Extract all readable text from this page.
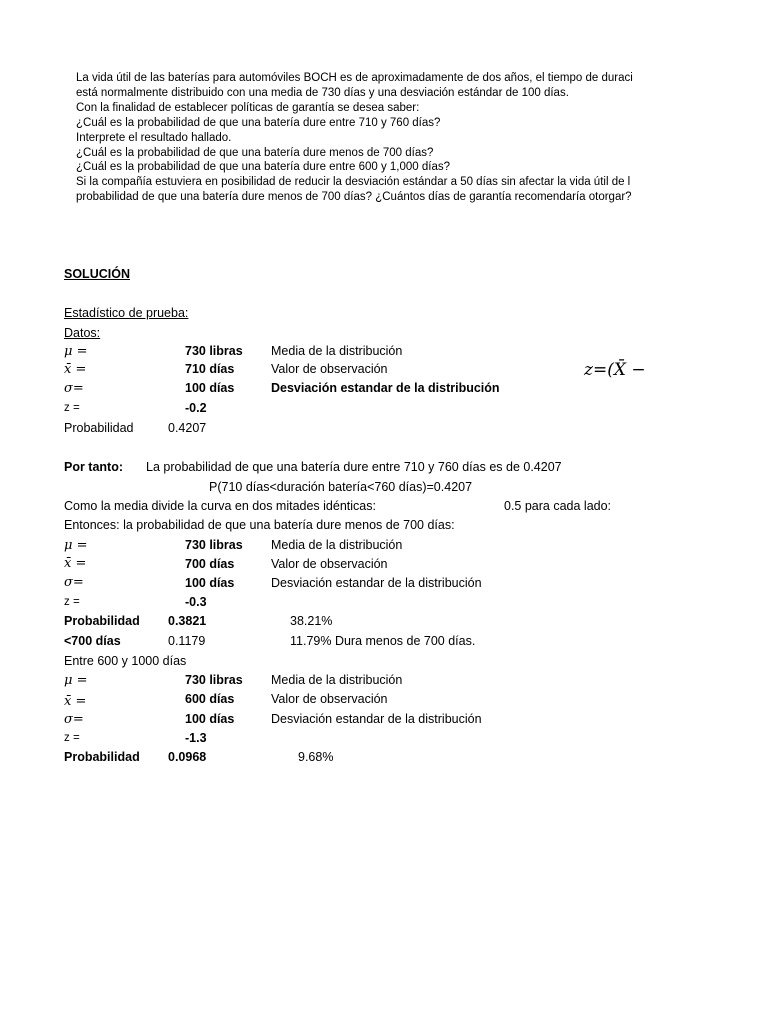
La vida útil de las baterías para automóviles BOCH es de aproximadamente de dos años, el tiempo de duraci
está normalmente distribuido con una media de 730 días y una desviación estándar de 100 días.
Con la finalidad de establecer políticas de garantía se desea saber:
¿Cuál es la probabilidad de que una batería dure entre 710 y 760 días?
Interprete el resultado hallado.
¿Cuál es la probabilidad de que una batería dure menos de 700 días?
¿Cuál es la probabilidad de que una batería dure entre 600 y 1,000 días?
Si la compañía estuviera en posibilidad de reducir la desviación estándar a 50 días sin afectar la vida útil de l
probabilidad de que una batería dure menos de 700 días? ¿Cuántos días de garantía recomendaría otorgar?
SOLUCIÓN
Estadístico de prueba:
Datos:
μ =	730 libras Media de la distribución
x̄ =	710 días	Valor de observación
σ=	100 días	Desviación estandar de la distribución
z =	-0.2
Probabilidad	0.4207
z=(X̄ −
Por tanto: La probabilidad de que una batería dure entre 710 y 760 días es de 0.4207
P(710 días<duración batería<760 días)=0.4207
Como la media divide la curva en dos mitades idénticas:	0.5 para cada lado:
Entonces: la probabilidad de que una batería dure menos de 700 días:
μ =	730 libras Media de la distribución
x̄ =	700 días	Valor de observación
σ=	100 días	Desviación estandar de la distribución
z =	-0.3
Probabilidad 0.3821	38.21%
<700 días	0.1179	11.79% Dura menos de 700 días.
Entre 600 y 1000 días
μ =	730 libras Media de la distribución
x̄ =	600 días	Valor de observación
σ=	100 días	Desviación estandar de la distribución
z =	-1.3
Probabilidad 0.0968	9.68%
